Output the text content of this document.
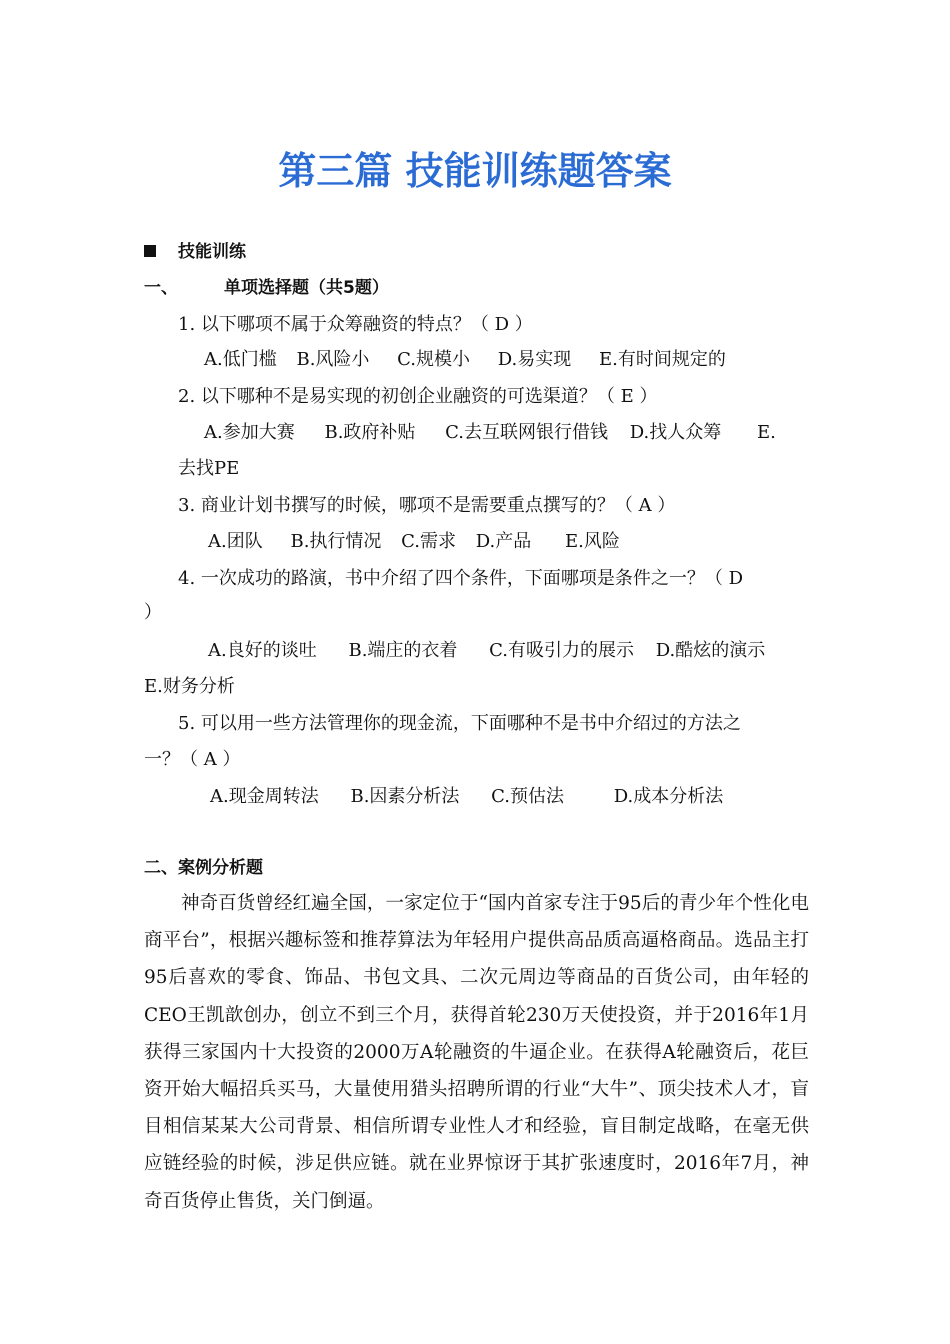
第三篇 技能训练题答案
技能训练
一、	单项选择题（共5题）
1. 以下哪项不属于众筹融资的特点？（ D ）
A.低门槛 B.风险小 C.规模小 D.易实现 E.有时间规定的
2. 以下哪种不是易实现的初创企业融资的可选渠道？（ E ）
A.参加大赛 B.政府补贴 C.去互联网银行借钱 D.找人众筹 E.
去找PE
3. 商业计划书撰写的时候，哪项不是需要重点撰写的？（ A ）
A.团队 B.执行情况 C.需求 D.产品 E.风险
4. 一次成功的路演，书中介绍了四个条件，下面哪项是条件之一？（ D
）
A.良好的谈吐 B.端庄的衣着 C.有吸引力的展示 D.酷炫的演示
E.财务分析
5. 可以用一些方法管理你的现金流，下面哪种不是书中介绍过的方法之
一？（ A ）
A.现金周转法 B.因素分析法 C.预估法	D.成本分析法
二、案例分析题
神奇百货曾经红遍全国，一家定位于“国内首家专注于95后的青少年个性化电商平台”，根据兴趣标签和推荐算法为年轻用户提供高品质高逼格商品。选品主打95后喜欢的零食、饰品、书包文具、二次元周边等商品的百货公司，由年轻的CEO王凯歆创办，创立不到三个月，获得首轮230万天使投资，并于2016年1月获得三家国内十大投资的2000万A轮融资的牛逼企业。在获得A轮融资后，花巨资开始大幅招兵买马，大量使用猎头招聘所谓的行业“大牛”、顶尖技术人才，盲目相信某某大公司背景、相信所谓专业性人才和经验，盲目制定战略，在毫无供应链经验的时候，涉足供应链。就在业界惊讶于其扩张速度时，2016年7月，神奇百货停止售货，关门倒逼。
